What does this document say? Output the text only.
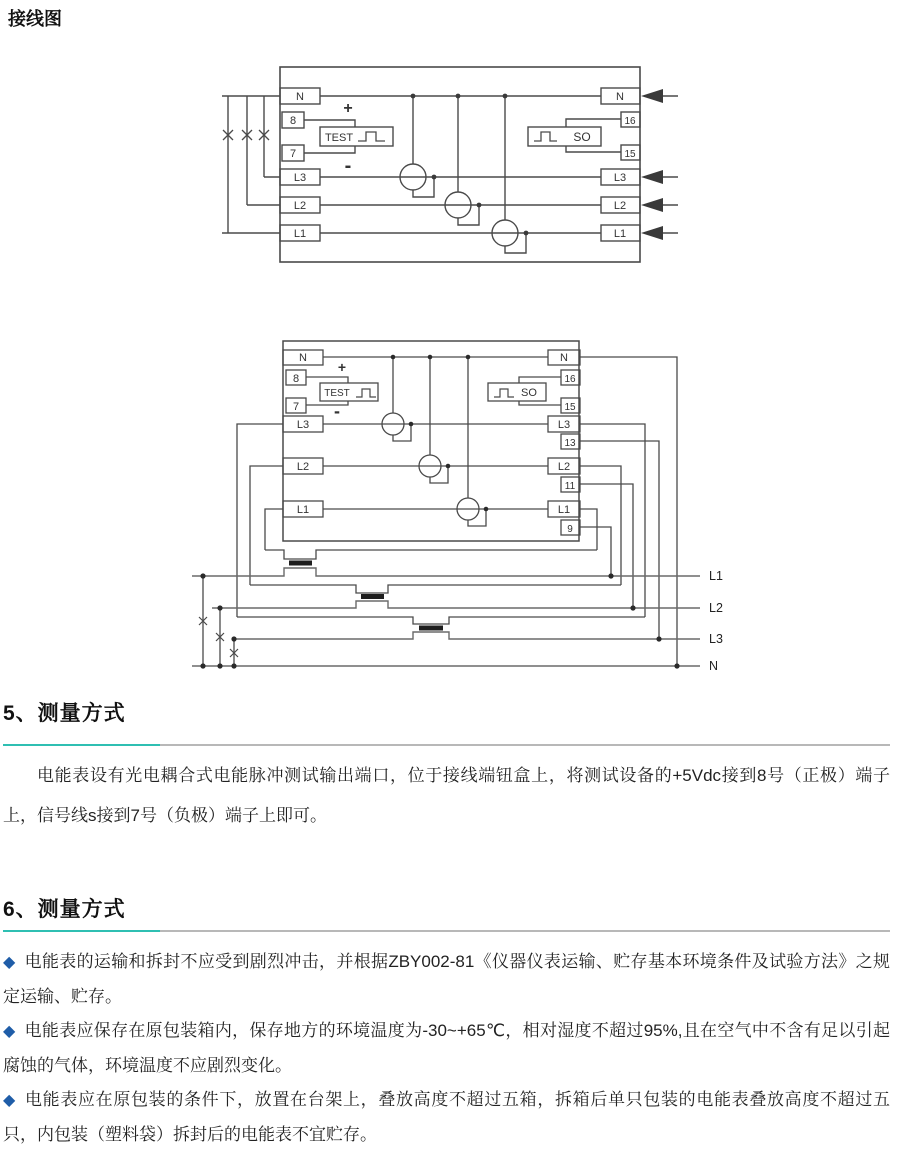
接线图
N
8
7
L3
L2
L1
N
16
15
L3
L2
L1
TEST	SO
+
-
N
8
7
L3
L2
L1
N
16
15
L3
13
L2
11
L1
9
TEST	SO
+
-
L1
L2
L3
N
5、测量方式

电能表设有光电耦合式电能脉冲测试输出端口，位于接线端钮盒上，将测试设备的+5Vdc接到8号（正极）端子上，信号线s接到7号（负极）端子上即可。

6、测量方式

◆ 电能表的运输和拆封不应受到剧烈冲击，并根据ZBY002-81《仪器仪表运输、贮存基本环境条件及试验方法》之规定运输、贮存。

◆ 电能表应保存在原包装箱内，保存地方的环境温度为-30~+65℃，相对湿度不超过95%,且在空气中不含有足以引起腐蚀的气体，环境温度不应剧烈变化。

◆ 电能表应在原包装的条件下，放置在台架上，叠放高度不超过五箱，拆箱后单只包装的电能表叠放高度不超过五只，内包装（塑料袋）拆封后的电能表不宜贮存。
